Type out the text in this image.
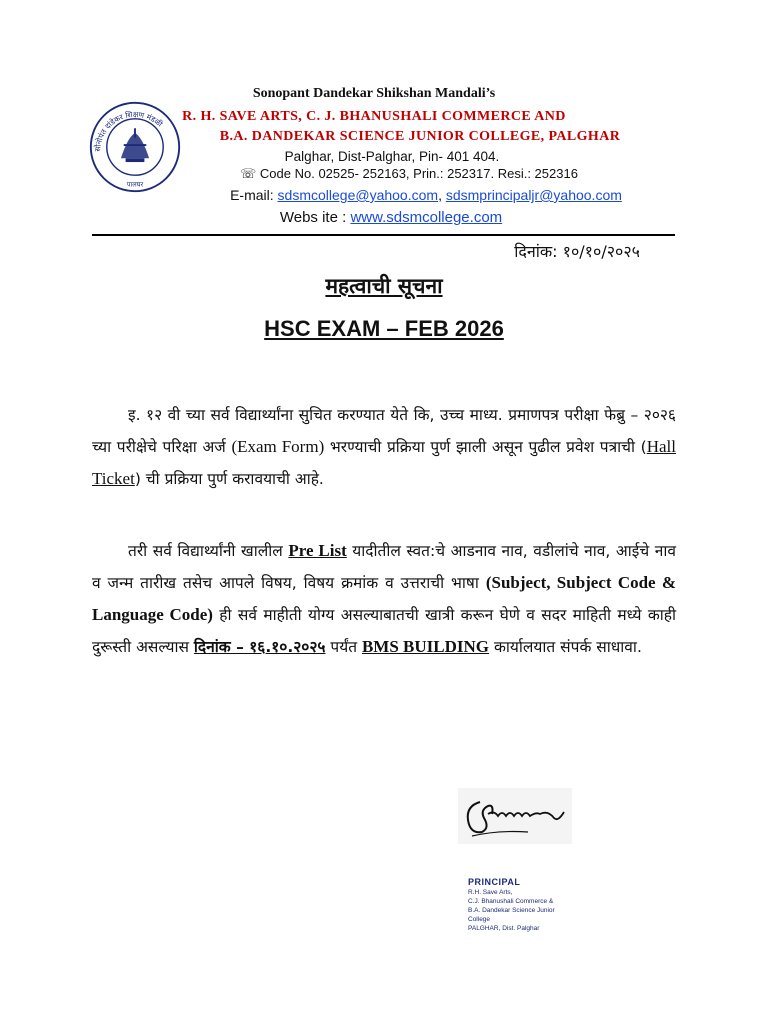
सोनोपंत दांडेकर शिक्षण मंडळी
पालघर
Sonopant Dandekar Shikshan Mandali’s
R. H. SAVE ARTS, C. J. BHANUSHALI COMMERCE AND
B.A. DANDEKAR SCIENCE JUNIOR COLLEGE, PALGHAR
Palghar, Dist-Palghar, Pin- 401 404.
☏ Code No. 02525- 252163, Prin.: 252317. Resi.: 252316
E-mail: sdsmcollege@yahoo.com, sdsmprincipaljr@yahoo.com
Webs ite : www.sdsmcollege.com
दिनांक: १०/१०/२०२५
महत्वाची सूचना
HSC EXAM – FEB 2026
इ. १२ वी च्या सर्व विद्यार्थ्यांना सुचित करण्यात येते कि, उच्च माध्य. प्रमाणपत्र परीक्षा फेब्रु – २०२६ च्या परीक्षेचे परिक्षा अर्ज (Exam Form) भरण्याची प्रक्रिया पुर्ण झाली असून पुढील प्रवेश पत्राची (Hall Ticket) ची प्रक्रिया पुर्ण करावयाची आहे.
तरी सर्व विद्यार्थ्यांनी खालील Pre List यादीतील स्वत:चे आडनाव नाव, वडीलांचे नाव, आईचे नाव व जन्म तारीख तसेच आपले विषय, विषय क्रमांक व उत्तराची भाषा (Subject, Subject Code & Language Code) ही सर्व माहीती योग्य असल्याबातची खात्री करून घेणे व सदर माहिती मध्ये काही दुरूस्ती असल्यास दिनांक – १६.१०.२०२५ पर्यंत BMS BUILDING कार्यालयात संपर्क साधावा.
PRINCIPAL
R.H. Save Arts,
C.J. Bhanushali Commerce &
B.A. Dandekar Science Junior College
PALGHAR, Dist. Palghar
